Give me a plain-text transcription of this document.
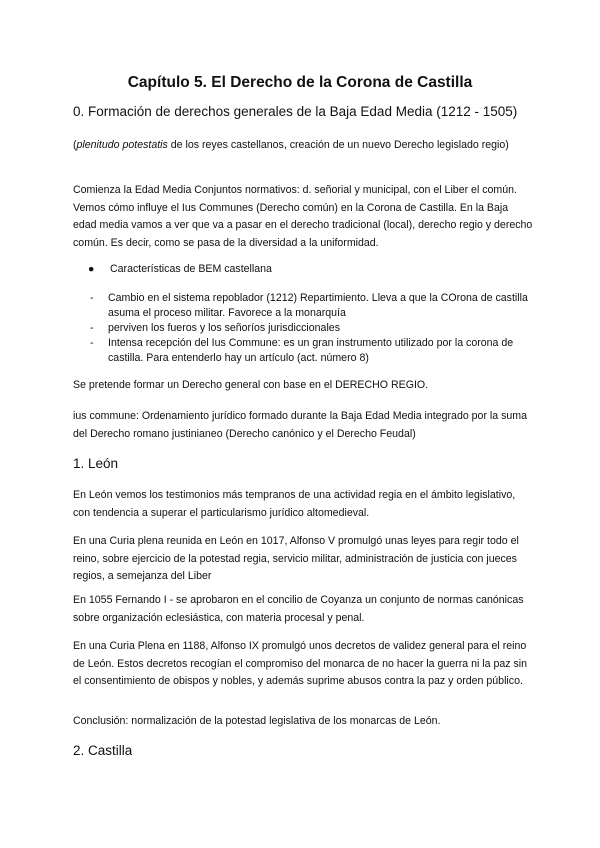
Capítulo 5. El Derecho de la Corona de Castilla
0. Formación de derechos generales de la Baja Edad Media (1212 - 1505)

(plenitudo potestatis de los reyes castellanos, creación de un nuevo Derecho legislado regio)

Comienza la Edad Media Conjuntos normativos: d. señorial y municipal, con el Liber el común. Vemos cómo influye el Ius Communes (Derecho común) en la Corona de Castilla. En la Baja edad media vamos a ver que va a pasar en el derecho tradicional (local), derecho regio y derecho común. Es decir, como se pasa de la diversidad a la uniformidad.

● Características de BEM castellana
- Cambio en el sistema repoblador (1212) Repartimiento. Lleva a que la COrona de castilla asuma el proceso militar. Favorece a la monarquía
- perviven los fueros y los señoríos jurisdiccionales
- Intensa recepción del Ius Commune: es un gran instrumento utilizado por la corona de castilla. Para entenderlo hay un artículo (act. número 8)

Se pretende formar un Derecho general con base en el DERECHO REGIO.

ius commune: Ordenamiento jurídico formado durante la Baja Edad Media integrado por la suma del Derecho romano justinianeo (Derecho canónico y el Derecho Feudal)

1. León

En León vemos los testimonios más tempranos de una actividad regia en el ámbito legislativo, con tendencia a superar el particularismo jurídico altomedieval.

En una Curia plena reunida en León en 1017, Alfonso V promulgó unas leyes para regir todo el reino, sobre ejercicio de la potestad regia, servicio militar, administración de justicia con jueces regios, a semejanza del Liber

En 1055 Fernando I - se aprobaron en el concilio de Coyanza un conjunto de normas canónicas sobre organización eclesiástica, con materia procesal y penal.

En una Curia Plena en 1188, Alfonso IX promulgó unos decretos de validez general para el reino de León. Estos decretos recogían el compromiso del monarca de no hacer la guerra ni la paz sin el consentimiento de obispos y nobles, y además suprime abusos contra la paz y orden público.

Conclusión: normalización de la potestad legislativa de los monarcas de León.

2. Castilla
